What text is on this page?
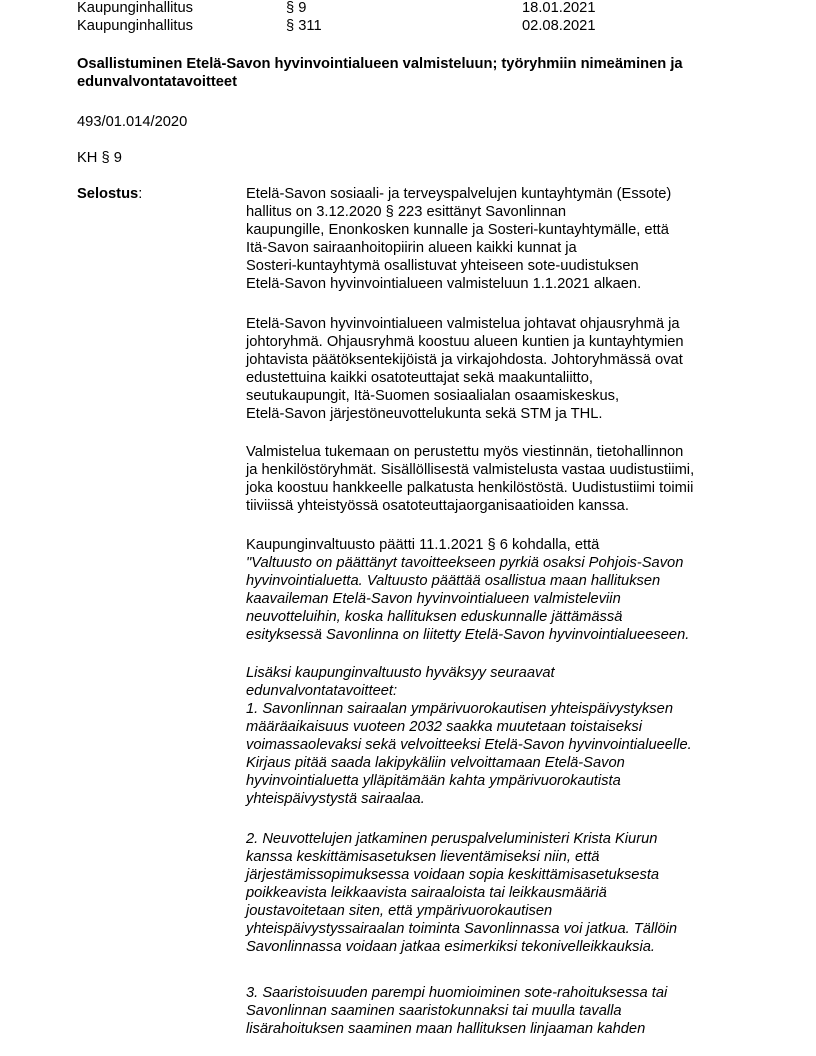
Kaupunginhallitus	§ 9	18.01.2021
Kaupunginhallitus	§ 311	02.08.2021
Osallistuminen Etelä-Savon hyvinvointialueen valmisteluun; työryhmiin nimeäminen ja
edunvalvontatavoitteet
493/01.014/2020
KH § 9
Selostus:	Etelä-Savon sosiaali- ja terveyspalvelujen kuntayhtymän (Essote)
hallitus on 3.12.2020 § 223 esittänyt Savonlinnan
kaupungille, Enonkosken kunnalle ja Sosteri-kuntayhtymälle, että
Itä-Savon sairaanhoitopiirin alueen kaikki kunnat ja
Sosteri-kuntayhtymä osallistuvat yhteiseen sote-uudistuksen
Etelä-Savon hyvinvointialueen valmisteluun 1.1.2021 alkaen.
Etelä-Savon hyvinvointialueen valmistelua johtavat ohjausryhmä ja
johtoryhmä. Ohjausryhmä koostuu alueen kuntien ja kuntayhtymien
johtavista päätöksentekijöistä ja virkajohdosta. Johtoryhmässä ovat
edustettuina kaikki osatoteuttajat sekä maakuntaliitto,
seutukaupungit, Itä-Suomen sosiaalialan osaamiskeskus,
Etelä-Savon järjestöneuvottelukunta sekä STM ja THL.
Valmistelua tukemaan on perustettu myös viestinnän, tietohallinnon
ja henkilöstöryhmät. Sisällöllisestä valmistelusta vastaa uudistustiimi,
joka koostuu hankkeelle palkatusta henkilöstöstä. Uudistustiimi toimii
tiiviissä yhteistyössä osatoteuttajaorganisaatioiden kanssa.
Kaupunginvaltuusto päätti 11.1.2021 § 6 kohdalla, että
"Valtuusto on päättänyt tavoitteekseen pyrkiä osaksi Pohjois-Savon
hyvinvointialuetta. Valtuusto päättää osallistua maan hallituksen
kaavaileman Etelä-Savon hyvinvointialueen valmisteleviin
neuvotteluihin, koska hallituksen eduskunnalle jättämässä
esityksessä Savonlinna on liitetty Etelä-Savon hyvinvointialueeseen.
Lisäksi kaupunginvaltuusto hyväksyy seuraavat
edunvalvontatavoitteet:
1. Savonlinnan sairaalan ympärivuorokautisen yhteispäivystyksen
määräaikaisuus vuoteen 2032 saakka muutetaan toistaiseksi
voimassaolevaksi sekä velvoitteeksi Etelä-Savon hyvinvointialueelle.
Kirjaus pitää saada lakipykäliin velvoittamaan Etelä-Savon
hyvinvointialuetta ylläpitämään kahta ympärivuorokautista
yhteispäivystystä sairaalaa.
2. Neuvottelujen jatkaminen peruspalveluministeri Krista Kiurun
kanssa keskittämisasetuksen lieventämiseksi niin, että
järjestämissopimuksessa voidaan sopia keskittämisasetuksesta
poikkeavista leikkaavista sairaaloista tai leikkausmääriä
joustavoitetaan siten, että ympärivuorokautisen
yhteispäivystyssairaalan toiminta Savonlinnassa voi jatkua. Tällöin
Savonlinnassa voidaan jatkaa esimerkiksi tekonivelleikkauksia.
3. Saaristoisuuden parempi huomioiminen sote-rahoituksessa tai
Savonlinnan saaminen saaristokunnaksi tai muulla tavalla
lisärahoituksen saaminen maan hallituksen linjaaman kahden
